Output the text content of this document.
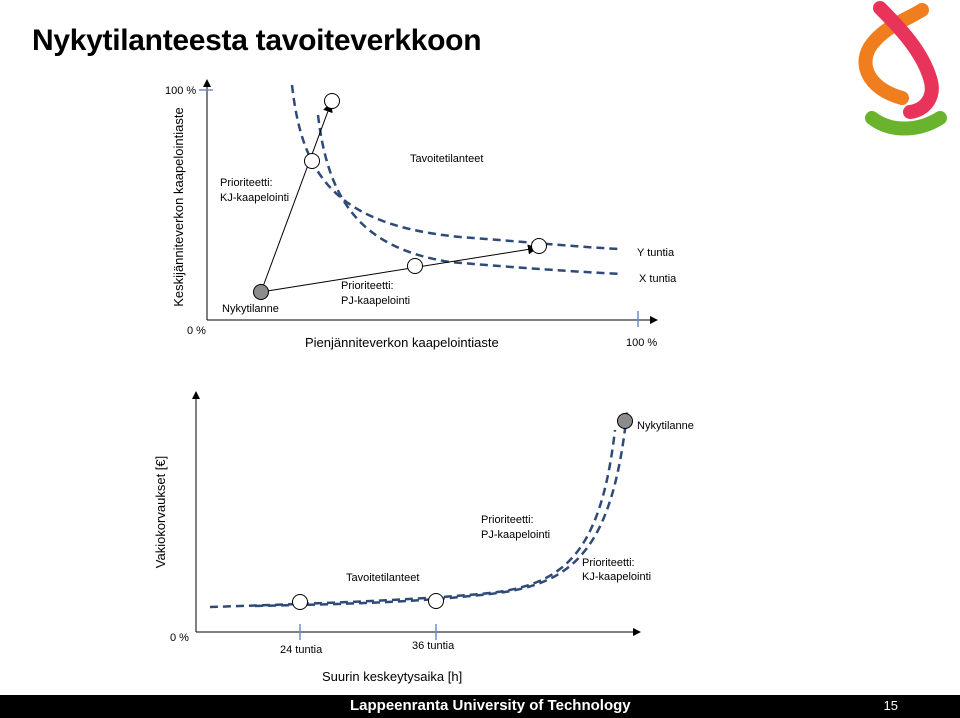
Nykytilanteesta tavoiteverkkoon
Keskijänniteverkon kaapelointiaste
100 %
0 %
100 %
Pienjänniteverkon kaapelointiaste
Nykytilanne
Tavoitetilanteet
Prioriteetti:
KJ-kaapelointi
Prioriteetti:
PJ-kaapelointi
Y tuntia
X tuntia
Vakiokorvaukset [€]
0 %
24 tuntia	36 tuntia
Suurin keskeytysaika [h]
Nykytilanne
Tavoitetilanteet
Prioriteetti:
PJ-kaapelointi
Prioriteetti:
KJ-kaapelointi
Lappeenranta University of Technology	15
